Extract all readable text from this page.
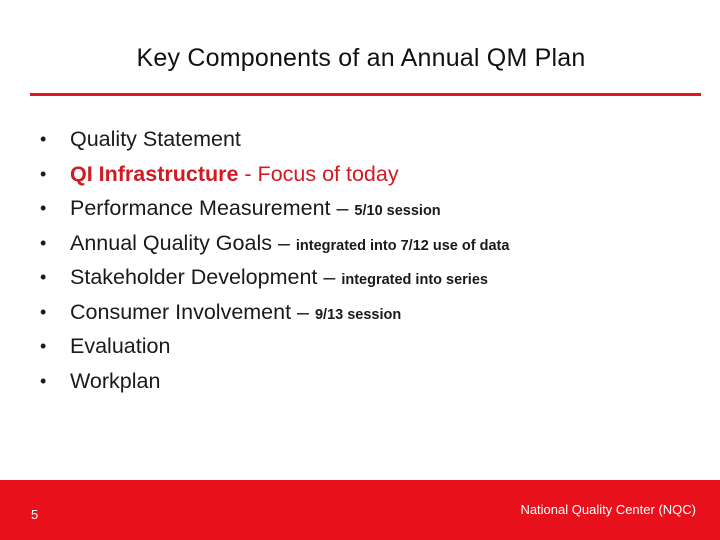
Key Components of an Annual QM Plan
• Quality Statement
• QI Infrastructure - Focus of today
• Performance Measurement – 5/10 session
• Annual Quality Goals – integrated into 7/12 use of data
• Stakeholder Development – integrated into series
• Consumer Involvement – 9/13 session
• Evaluation
• Workplan
5	National Quality Center (NQC)
